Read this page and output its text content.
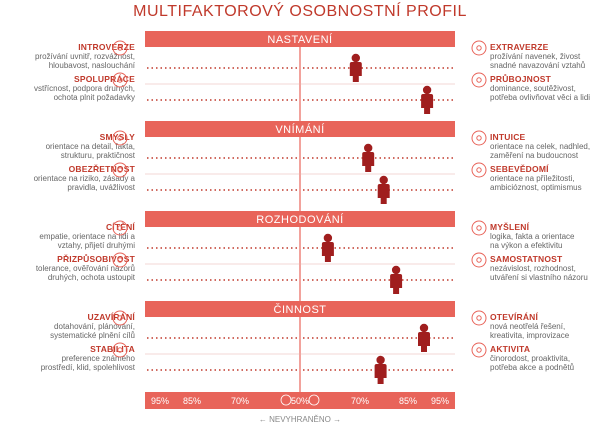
MULTIFAKTOROVÝ OSOBNOSTNÍ PROFIL
NASTAVENÍ
VNÍMÁNÍ
ROZHODOVÁNÍ
ČINNOST
95% 85%	70%	50%	70%	85% 95%
INTROVERZE
prožívání uvnitř, rozvážnost,
hloubavost, naslouchání
EXTRAVERZE
prožívání navenek, živost
snadné navazování vztahů
SPOLUPRÁCE
vstřícnost, podpora druhých,
ochota plnit požadavky
PRŮBOJNOST
dominance, soutěživost,
potřeba ovlivňovat věci a lidi
SMYSLY
orientace na detail, fakta,
strukturu, praktičnost
INTUICE
orientace na celek, nadhled,
zaměření na budoucnost
OBEZŘETNOST
orientace na riziko, zásady a
pravidla, uvážlivost
SEBEVĚDOMÍ
orientace na příležitosti,
ambicióznost, optimismus
CÍTĚNÍ
empatie, orientace na lidi a
vztahy, přijetí druhými
MYŠLENÍ
logika, fakta a orientace
na výkon a efektivitu
PŘIZPŮSOBIVOST
tolerance, ověřování názorů
druhých, ochota ustoupit
SAMOSTATNOST
nezávislost, rozhodnost,
utváření si vlastního názoru
UZAVÍRÁNÍ
dotahování, plánování,
systematické plnění cílů
OTEVÍRÁNÍ
nová neotřelá řešení,
kreativita, improvizace
STABILITA
preference známého
prostředí, klid, spolehlivost
AKTIVITA
činorodost, proaktivita,
potřeba akce a podnětů
← NEVYHRANĚNO →
